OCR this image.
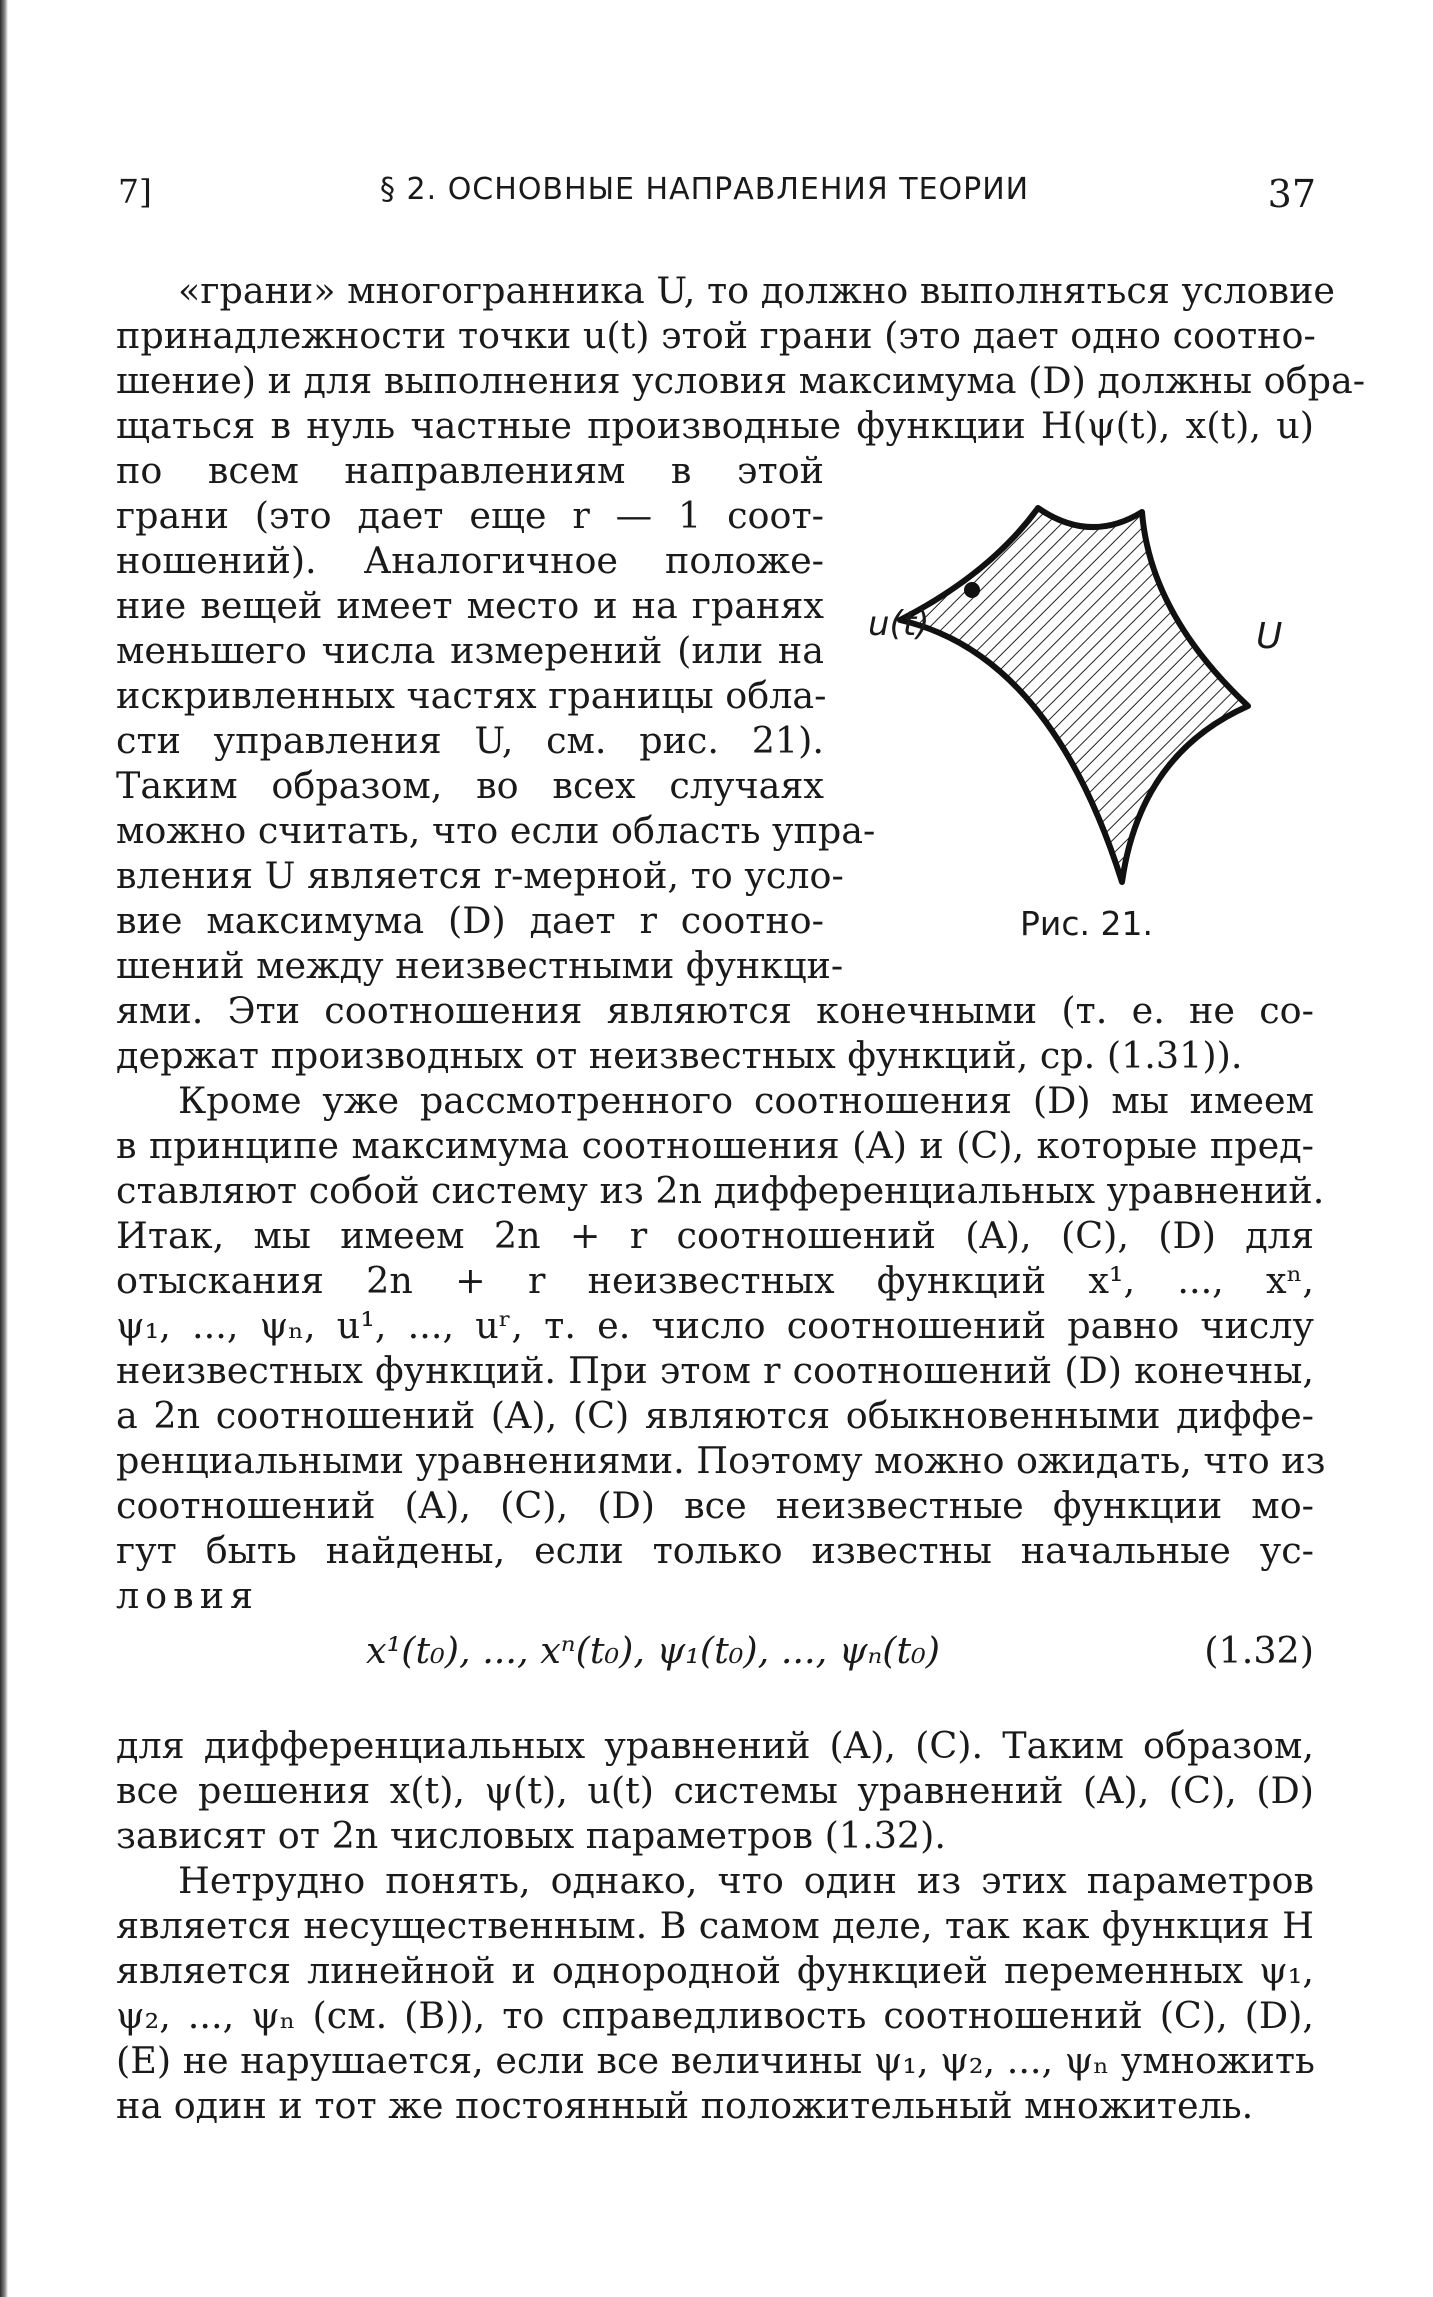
7]	§ 2. ОСНОВНЫЕ НАПРАВЛЕНИЯ ТЕОРИИ	37
u(t)	U
Рис. 21.
«грани» многогранника U, то должно выполняться условие
принадлежности точки u(t) этой грани (это дает одно соотно-
шение) и для выполнения условия максимума (D) должны обра-
щаться в нуль частные производные функции H(ψ(t), x(t), u)
по всем направлениям в этой
грани (это дает еще r — 1 соот-
ношений). Аналогичное положе-
ние вещей имеет место и на гранях
меньшего числа измерений (или на
искривленных частях границы обла-
сти управления U, см. рис. 21).
Таким образом, во всех случаях
можно считать, что если область упра-
вления U является r-мерной, то усло-
вие максимума (D) дает r соотно-
шений между неизвестными функци-
ями. Эти соотношения являются конечными (т. е. не со-
держат производных от неизвестных функций, ср. (1.31)).
Кроме уже рассмотренного соотношения (D) мы имеем
в принципе максимума соотношения (A) и (C), которые пред-
ставляют собой систему из 2n дифференциальных уравнений.
Итак, мы имеем 2n + r соотношений (A), (C), (D) для
отыскания 2n + r неизвестных функций x¹, ..., xⁿ,
ψ₁, ..., ψₙ, u¹, ..., uʳ, т. е. число соотношений равно числу
неизвестных функций. При этом r соотношений (D) конечны,
а 2n соотношений (A), (C) являются обыкновенными диффе-
ренциальными уравнениями. Поэтому можно ожидать, что из
соотношений (A), (C), (D) все неизвестные функции мо-
гут быть найдены, если только известны начальные ус-
ловия
x¹(t₀), ..., xⁿ(t₀), ψ₁(t₀), ..., ψₙ(t₀)	(1.32)
для дифференциальных уравнений (A), (C). Таким образом,
все решения x(t), ψ(t), u(t) системы уравнений (A), (C), (D)
зависят от 2n числовых параметров (1.32).
Нетрудно понять, однако, что один из этих параметров
является несущественным. В самом деле, так как функция H
является линейной и однородной функцией переменных ψ₁,
ψ₂, ..., ψₙ (см. (B)), то справедливость соотношений (C), (D),
(E) не нарушается, если все величины ψ₁, ψ₂, ..., ψₙ умножить
на один и тот же постоянный положительный множитель.
